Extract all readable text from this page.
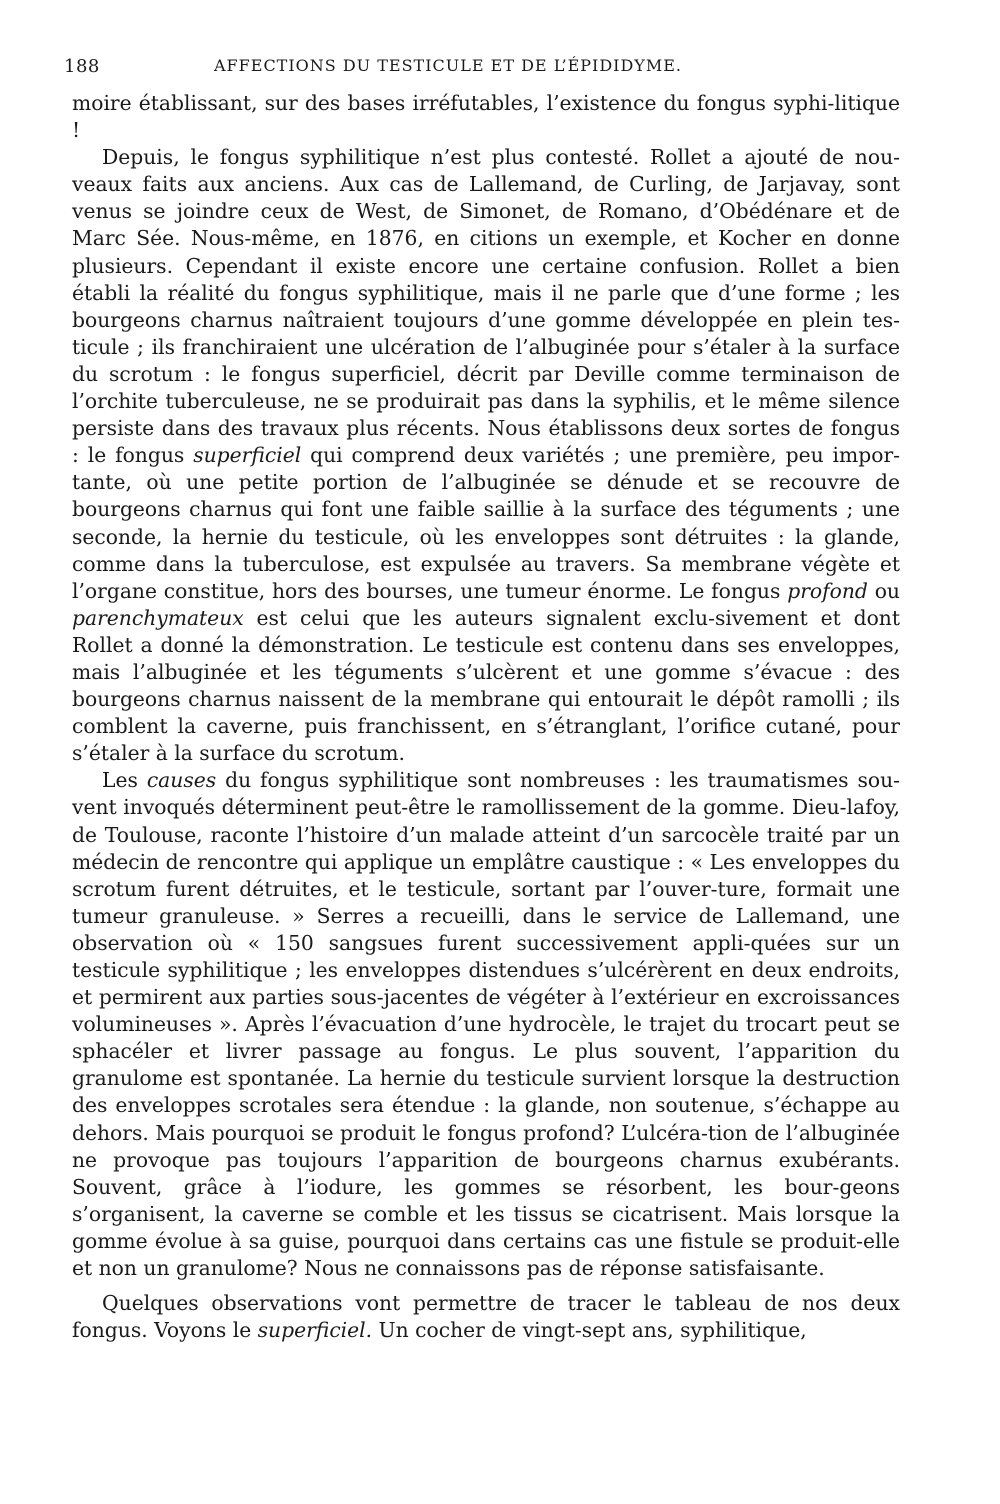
188	AFFECTIONS DU TESTICULE ET DE L’ÉPIDIDYME.

moire établissant, sur des bases irréfutables, l’existence du fongus syphi-litique !

Depuis, le fongus syphilitique n’est plus contesté. Rollet a ajouté de nou-veaux faits aux anciens. Aux cas de Lallemand, de Curling, de Jarjavay, sont venus se joindre ceux de West, de Simonet, de Romano, d’Obédénare et de Marc Sée. Nous-même, en 1876, en citions un exemple, et Kocher en donne plusieurs. Cependant il existe encore une certaine confusion. Rollet a bien établi la réalité du fongus syphilitique, mais il ne parle que d’une forme ; les bourgeons charnus naîtraient toujours d’une gomme développée en plein tes-ticule ; ils franchiraient une ulcération de l’albuginée pour s’étaler à la surface du scrotum : le fongus superficiel, décrit par Deville comme terminaison de l’orchite tuberculeuse, ne se produirait pas dans la syphilis, et le même silence persiste dans des travaux plus récents. Nous établissons deux sortes de fongus : le fongus superficiel qui comprend deux variétés ; une première, peu impor-tante, où une petite portion de l’albuginée se dénude et se recouvre de bourgeons charnus qui font une faible saillie à la surface des téguments ; une seconde, la hernie du testicule, où les enveloppes sont détruites : la glande, comme dans la tuberculose, est expulsée au travers. Sa membrane végète et l’organe constitue, hors des bourses, une tumeur énorme. Le fongus profond ou parenchymateux est celui que les auteurs signalent exclu-sivement et dont Rollet a donné la démonstration. Le testicule est contenu dans ses enveloppes, mais l’albuginée et les téguments s’ulcèrent et une gomme s’évacue : des bourgeons charnus naissent de la membrane qui entourait le dépôt ramolli ; ils comblent la caverne, puis franchissent, en s’étranglant, l’orifice cutané, pour s’étaler à la surface du scrotum.

Les causes du fongus syphilitique sont nombreuses : les traumatismes sou-vent invoqués déterminent peut-être le ramollissement de la gomme. Dieu-lafoy, de Toulouse, raconte l’histoire d’un malade atteint d’un sarcocèle traité par un médecin de rencontre qui applique un emplâtre caustique : « Les enveloppes du scrotum furent détruites, et le testicule, sortant par l’ouver-ture, formait une tumeur granuleuse. » Serres a recueilli, dans le service de Lallemand, une observation où « 150 sangsues furent successivement appli-quées sur un testicule syphilitique ; les enveloppes distendues s’ulcérèrent en deux endroits, et permirent aux parties sous-jacentes de végéter à l’extérieur en excroissances volumineuses ». Après l’évacuation d’une hydrocèle, le trajet du trocart peut se sphacéler et livrer passage au fongus. Le plus souvent, l’apparition du granulome est spontanée. La hernie du testicule survient lorsque la destruction des enveloppes scrotales sera étendue : la glande, non soutenue, s’échappe au dehors. Mais pourquoi se produit le fongus profond? L’ulcéra-tion de l’albuginée ne provoque pas toujours l’apparition de bourgeons charnus exubérants. Souvent, grâce à l’iodure, les gommes se résorbent, les bour-geons s’organisent, la caverne se comble et les tissus se cicatrisent. Mais lorsque la gomme évolue à sa guise, pourquoi dans certains cas une fistule se produit-elle et non un granulome? Nous ne connaissons pas de réponse satisfaisante.

Quelques observations vont permettre de tracer le tableau de nos deux fongus. Voyons le superficiel. Un cocher de vingt-sept ans, syphilitique,
